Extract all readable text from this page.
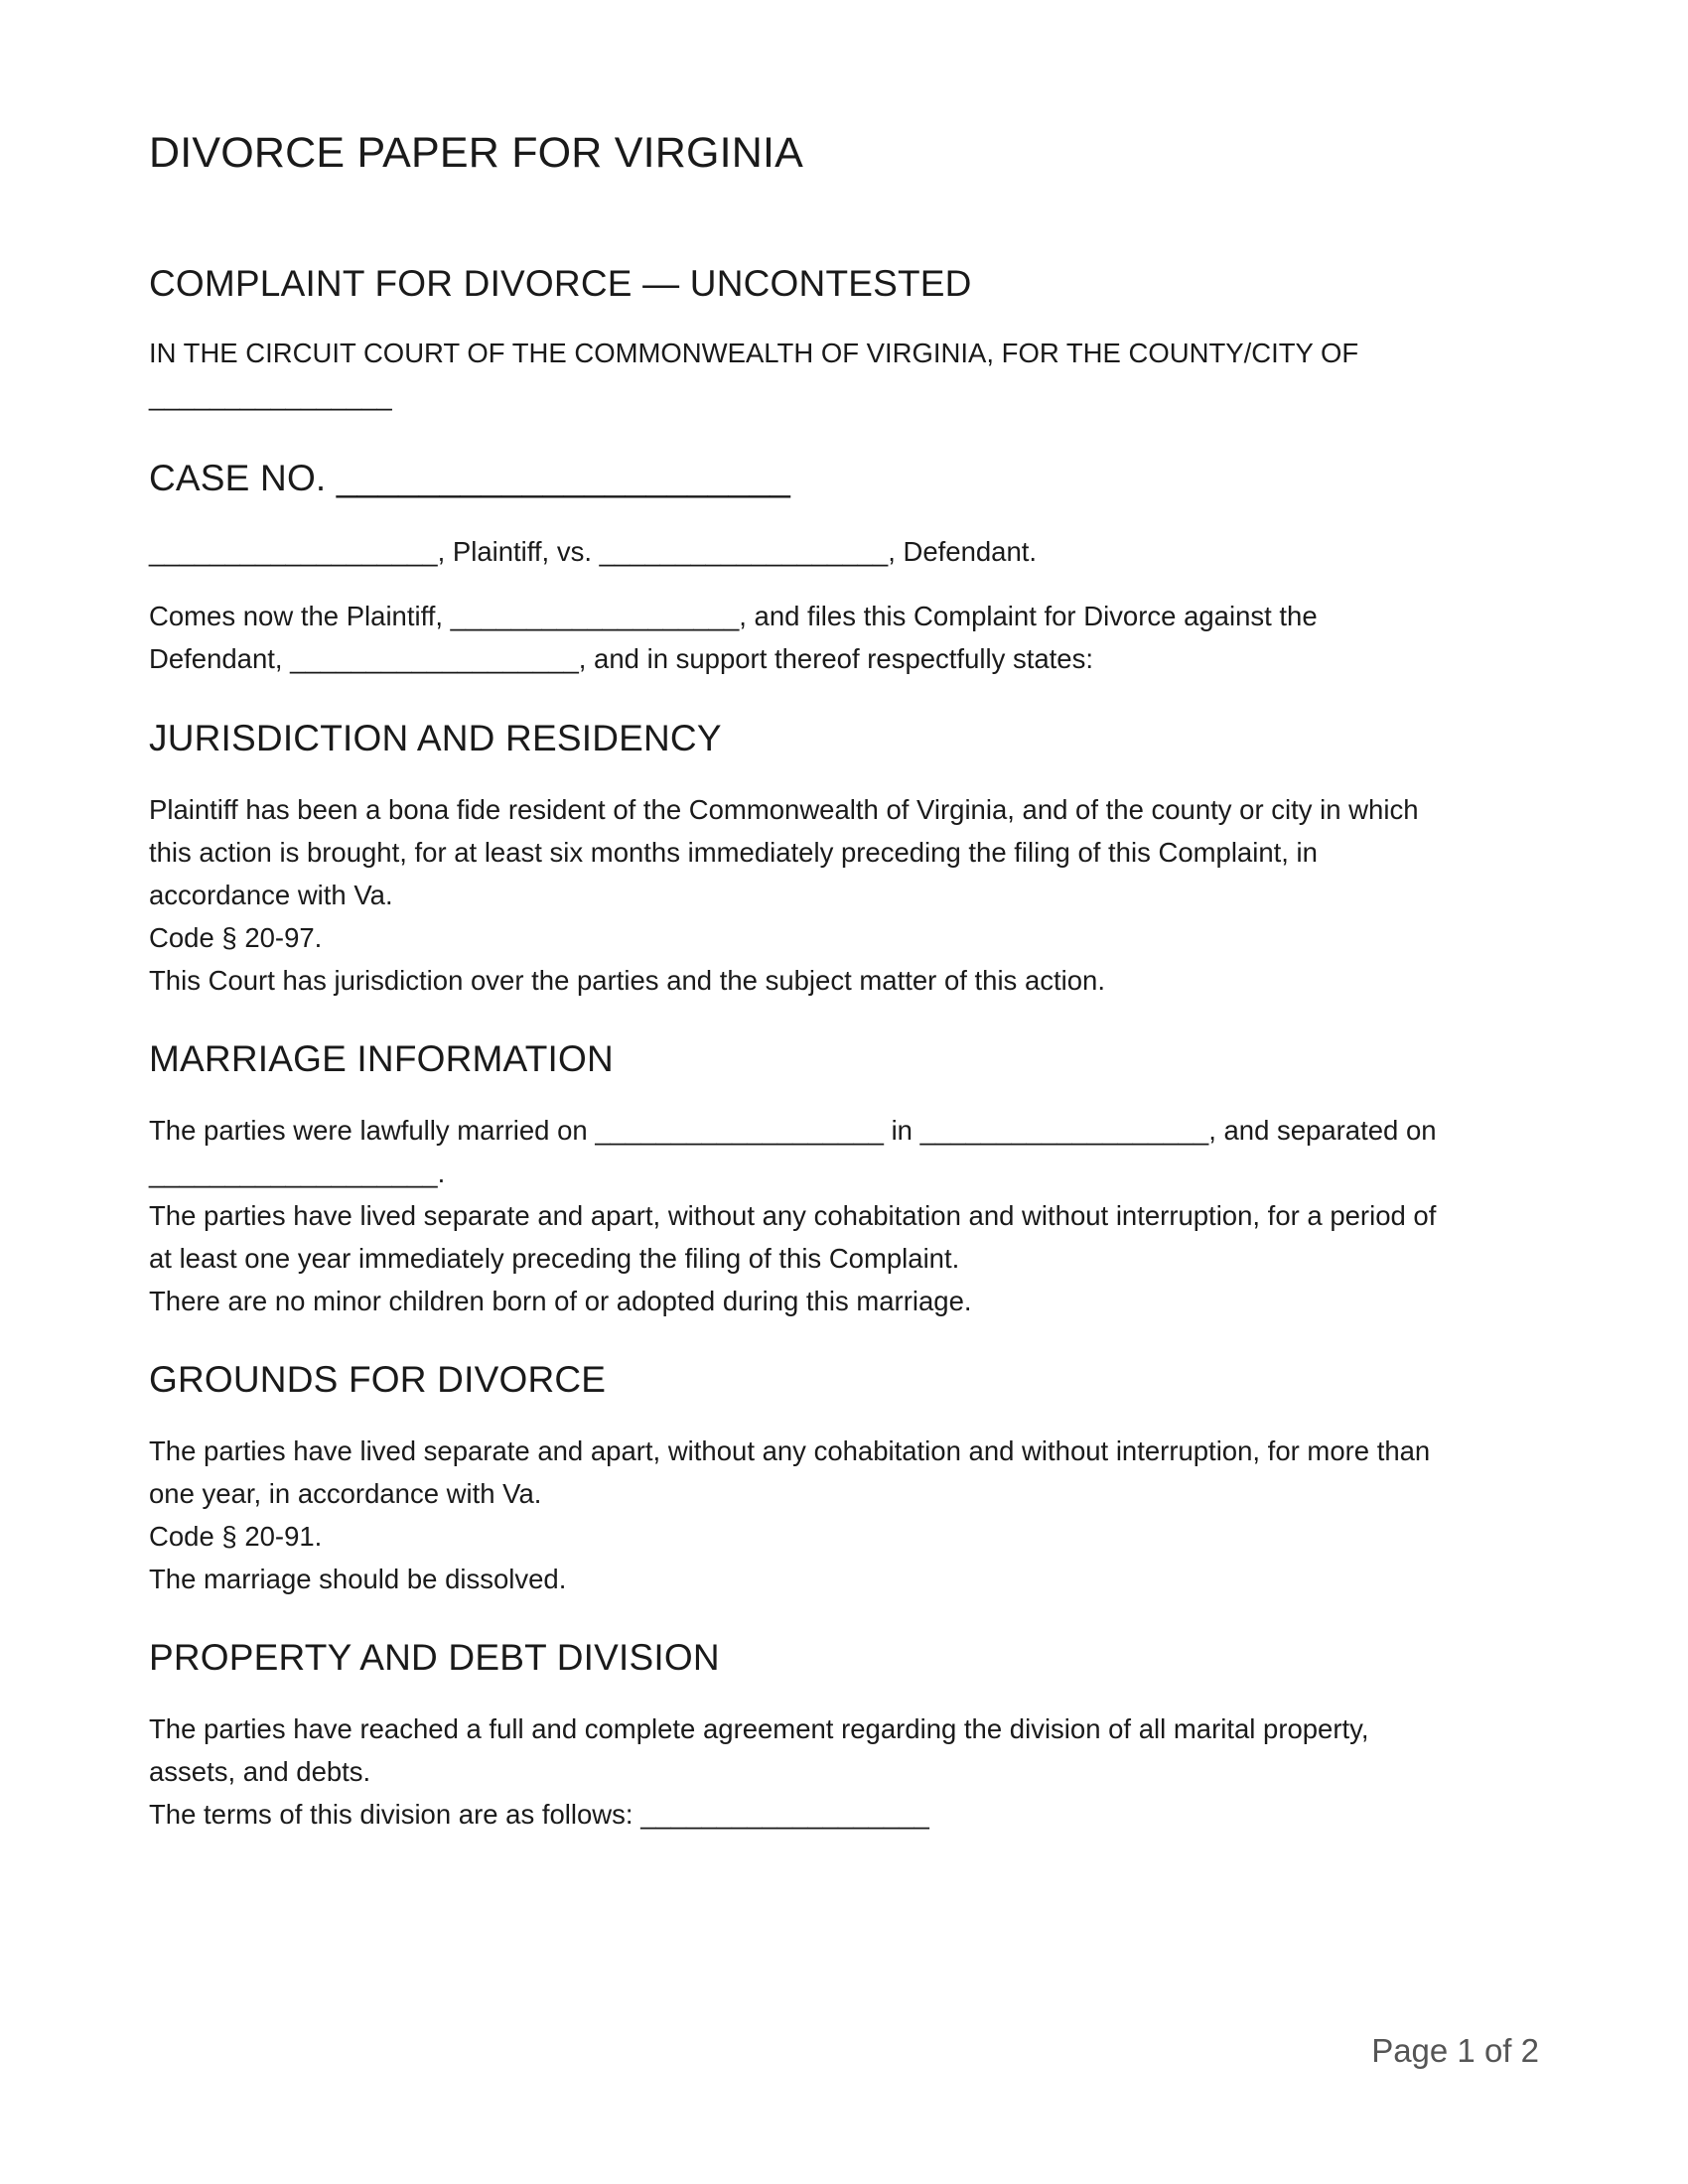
DIVORCE PAPER FOR VIRGINIA
COMPLAINT FOR DIVORCE — UNCONTESTED
IN THE CIRCUIT COURT OF THE COMMONWEALTH OF VIRGINIA, FOR THE COUNTY/CITY OF
________________
CASE NO. ______________________
___________________, Plaintiff, vs. ___________________, Defendant.
Comes now the Plaintiff, ___________________, and files this Complaint for Divorce against the
Defendant, ___________________, and in support thereof respectfully states:
JURISDICTION AND RESIDENCY
Plaintiff has been a bona fide resident of the Commonwealth of Virginia, and of the county or city in which
this action is brought, for at least six months immediately preceding the filing of this Complaint, in
accordance with Va.
Code § 20-97.
This Court has jurisdiction over the parties and the subject matter of this action.
MARRIAGE INFORMATION
The parties were lawfully married on ___________________ in ___________________, and separated on
___________________.
The parties have lived separate and apart, without any cohabitation and without interruption, for a period of
at least one year immediately preceding the filing of this Complaint.
There are no minor children born of or adopted during this marriage.
GROUNDS FOR DIVORCE
The parties have lived separate and apart, without any cohabitation and without interruption, for more than
one year, in accordance with Va.
Code § 20-91.
The marriage should be dissolved.
PROPERTY AND DEBT DIVISION
The parties have reached a full and complete agreement regarding the division of all marital property,
assets, and debts.
The terms of this division are as follows: ___________________
Page 1 of 2
